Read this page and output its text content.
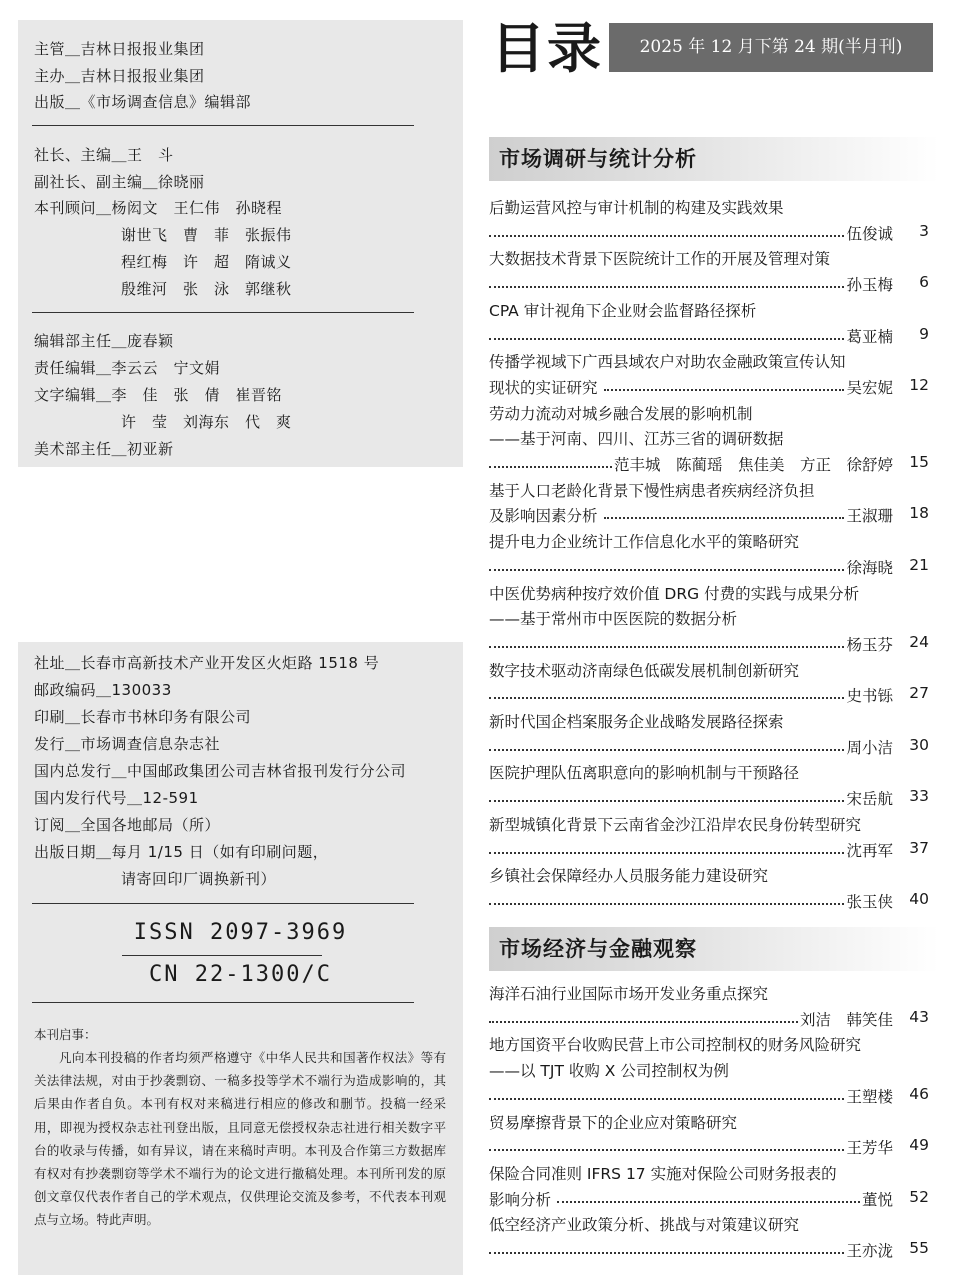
主管＿吉林日报报业集团
主办＿吉林日报报业集团
出版＿《市场调查信息》编辑部
社长、主编＿王　斗
副社长、副主编＿徐晓丽
本刊顾问＿杨闳文　王仁伟　孙晓程
谢世飞　曹　菲　张振伟
程红梅　许　超　隋诚义
殷维河　张　泳　郭继秋
编辑部主任＿庞春颖
责任编辑＿李云云　宁文娟
文字编辑＿李　佳　张　倩　崔晋铭
许　莹　刘海东　代　爽
美术部主任＿初亚新
社址＿长春市高新技术产业开发区火炬路 1518 号
邮政编码＿130033
印刷＿长春市书林印务有限公司
发行＿市场调查信息杂志社
国内总发行＿中国邮政集团公司吉林省报刊发行分公司
国内发行代号＿12-591
订阅＿全国各地邮局（所）
出版日期＿每月 1/15 日（如有印刷问题，
请寄回印厂调换新刊）
ISSN 2097-3969
CN 22-1300/C
本刊启事：
凡向本刊投稿的作者均须严格遵守《中华人民共和国著作权法》等有关法律法规，对由于抄袭剽窃、一稿多投等学术不端行为造成影响的，其后果由作者自负。本刊有权对来稿进行相应的修改和删节。投稿一经采用，即视为授权杂志社刊登出版，且同意无偿授权杂志社进行相关数字平台的收录与传播，如有异议，请在来稿时声明。本刊及合作第三方数据库有权对有抄袭剽窃等学术不端行为的论文进行撤稿处理。本刊所刊发的原创文章仅代表作者自己的学术观点，仅供理论交流及参考，不代表本刊观点与立场。特此声明。
目录	2025 年 12 月下第 24 期(半月刊)
市场调研与统计分析
后勤运营风控与审计机制的构建及实践效果
伍俊诚 3
大数据技术背景下医院统计工作的开展及管理对策
孙玉梅 6
CPA 审计视角下企业财会监督路径探析
葛亚楠 9
传播学视域下广西县域农户对助农金融政策宣传认知
现状的实证研究	吴宏妮 12
劳动力流动对城乡融合发展的影响机制
——基于河南、四川、江苏三省的调研数据
范丰城　陈蔺瑶　焦佳美　方正　徐舒婷 15
基于人口老龄化背景下慢性病患者疾病经济负担
及影响因素分析	王淑珊 18
提升电力企业统计工作信息化水平的策略研究
徐海晓 21
中医优势病种按疗效价值 DRG 付费的实践与成果分析
——基于常州市中医医院的数据分析
杨玉芬 24
数字技术驱动济南绿色低碳发展机制创新研究
史书铄 27
新时代国企档案服务企业战略发展路径探索
周小洁 30
医院护理队伍离职意向的影响机制与干预路径
宋岳航 33
新型城镇化背景下云南省金沙江沿岸农民身份转型研究
沈再军 37
乡镇社会保障经办人员服务能力建设研究
张玉侠 40
市场经济与金融观察
海洋石油行业国际市场开发业务重点探究
刘洁　韩笑佳 43
地方国资平台收购民营上市公司控制权的财务风险研究
——以 TJT 收购 X 公司控制权为例
王塑楼 46
贸易摩擦背景下的企业应对策略研究
王芳华 49
保险合同准则 IFRS 17 实施对保险公司财务报表的
影响分析	董悦 52
低空经济产业政策分析、挑战与对策建议研究
王亦泷 55
